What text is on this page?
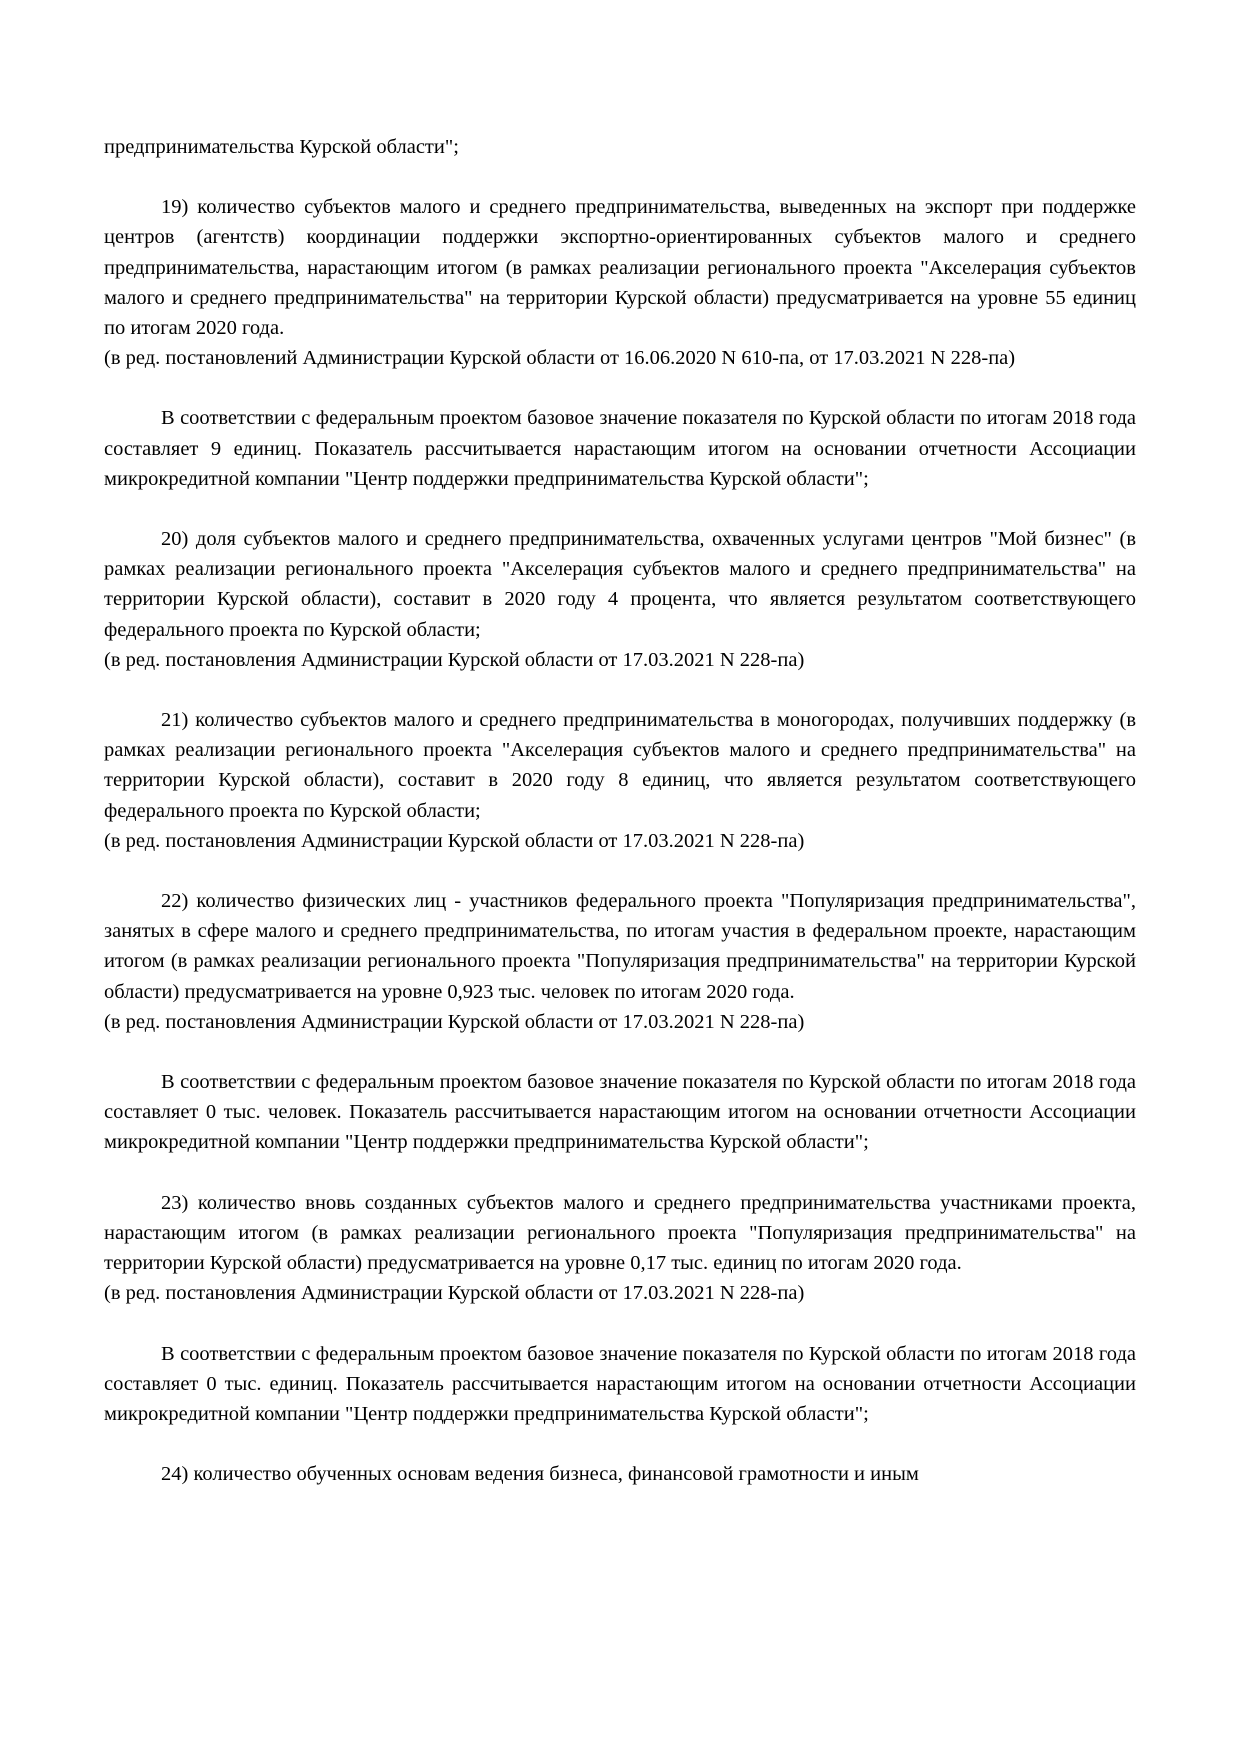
предпринимательства Курской области";

19) количество субъектов малого и среднего предпринимательства, выведенных на экспорт при поддержке центров (агентств) координации поддержки экспортно-ориентированных субъектов малого и среднего предпринимательства, нарастающим итогом (в рамках реализации регионального проекта "Акселерация субъектов малого и среднего предпринимательства" на территории Курской области) предусматривается на уровне 55 единиц по итогам 2020 года.

(в ред. постановлений Администрации Курской области от 16.06.2020 N 610-па, от 17.03.2021 N 228-па)

В соответствии с федеральным проектом базовое значение показателя по Курской области по итогам 2018 года составляет 9 единиц. Показатель рассчитывается нарастающим итогом на основании отчетности Ассоциации микрокредитной компании "Центр поддержки предпринимательства Курской области";

20) доля субъектов малого и среднего предпринимательства, охваченных услугами центров "Мой бизнес" (в рамках реализации регионального проекта "Акселерация субъектов малого и среднего предпринимательства" на территории Курской области), составит в 2020 году 4 процента, что является результатом соответствующего федерального проекта по Курской области;

(в ред. постановления Администрации Курской области от 17.03.2021 N 228-па)

21) количество субъектов малого и среднего предпринимательства в моногородах, получивших поддержку (в рамках реализации регионального проекта "Акселерация субъектов малого и среднего предпринимательства" на территории Курской области), составит в 2020 году 8 единиц, что является результатом соответствующего федерального проекта по Курской области;

(в ред. постановления Администрации Курской области от 17.03.2021 N 228-па)

22) количество физических лиц - участников федерального проекта "Популяризация предпринимательства", занятых в сфере малого и среднего предпринимательства, по итогам участия в федеральном проекте, нарастающим итогом (в рамках реализации регионального проекта "Популяризация предпринимательства" на территории Курской области) предусматривается на уровне 0,923 тыс. человек по итогам 2020 года.

(в ред. постановления Администрации Курской области от 17.03.2021 N 228-па)

В соответствии с федеральным проектом базовое значение показателя по Курской области по итогам 2018 года составляет 0 тыс. человек. Показатель рассчитывается нарастающим итогом на основании отчетности Ассоциации микрокредитной компании "Центр поддержки предпринимательства Курской области";

23) количество вновь созданных субъектов малого и среднего предпринимательства участниками проекта, нарастающим итогом (в рамках реализации регионального проекта "Популяризация предпринимательства" на территории Курской области) предусматривается на уровне 0,17 тыс. единиц по итогам 2020 года.

(в ред. постановления Администрации Курской области от 17.03.2021 N 228-па)

В соответствии с федеральным проектом базовое значение показателя по Курской области по итогам 2018 года составляет 0 тыс. единиц. Показатель рассчитывается нарастающим итогом на основании отчетности Ассоциации микрокредитной компании "Центр поддержки предпринимательства Курской области";

24) количество обученных основам ведения бизнеса, финансовой грамотности и иным
